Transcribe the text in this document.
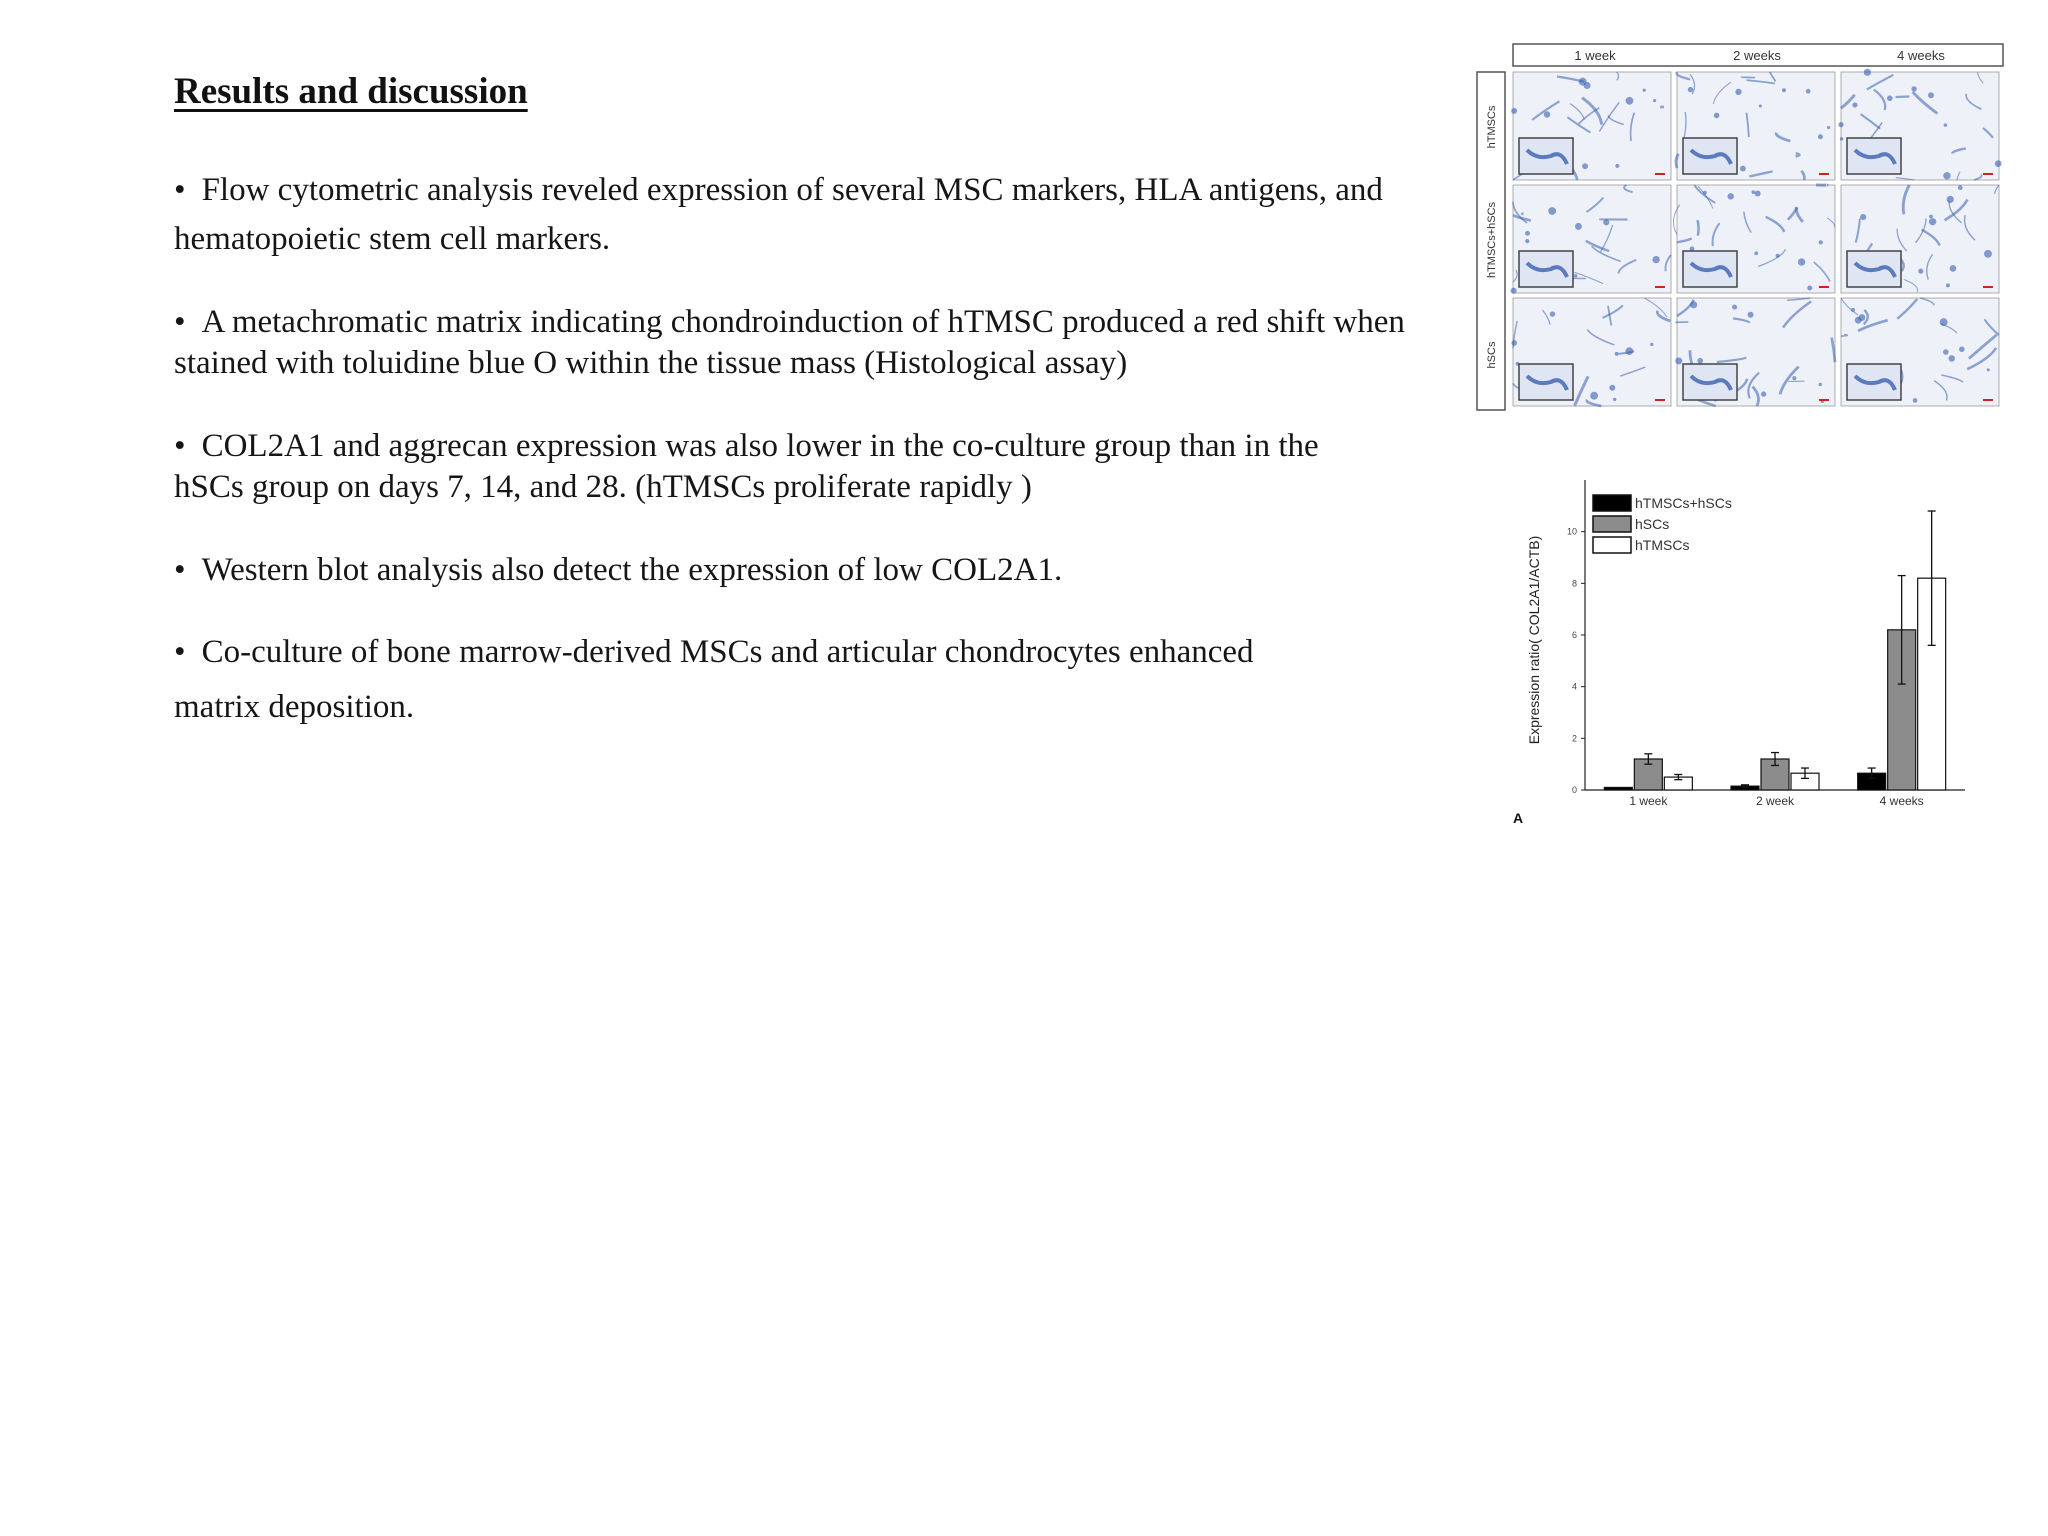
Results and discussion
• Flow cytometric analysis reveled expression of several MSC markers, HLA antigens, and
hematopoietic stem cell markers.
• A metachromatic matrix indicating chondroinduction of hTMSC produced a red shift when
stained with toluidine blue O within the tissue mass (Histological assay)
• COL2A1 and aggrecan expression was also lower in the co-culture group than in the
hSCs group on days 7, 14, and 28. (hTMSCs proliferate rapidly )
• Western blot analysis also detect the expression of low COL2A1.
• Co-culture of bone marrow-derived MSCs and articular chondrocytes enhanced
matrix deposition.
1 week	2 weeks	4 weeks
hTMSCs
hTMSCs+hSCs
hSCs
0
2
4
6
8
10
1 week	2 week	4 weeks
hTMSCs+hSCs
hSCs
hTMSCs
Expression ratio( COL2A1/ACTB)
A
